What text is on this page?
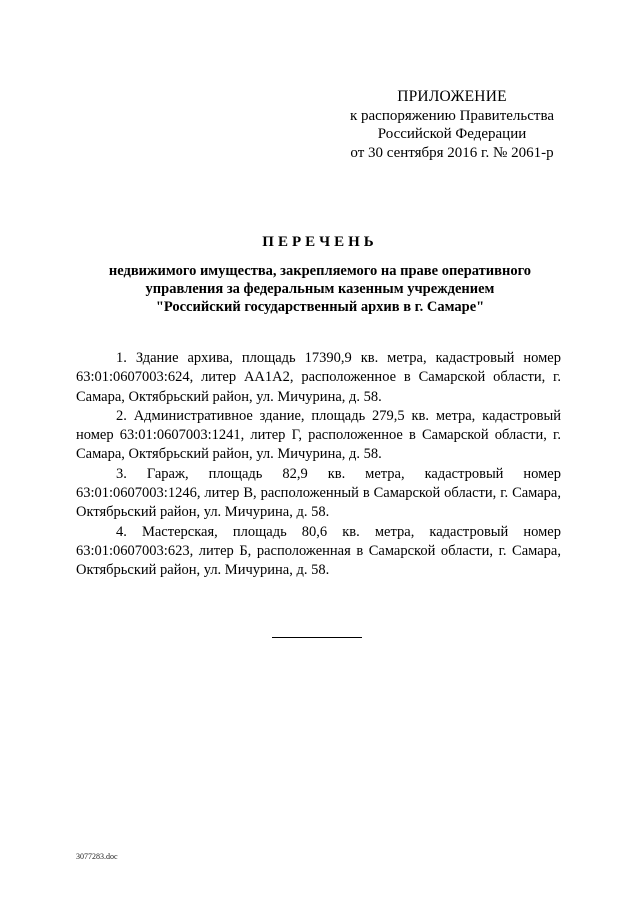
ПРИЛОЖЕНИЕ
к распоряжению Правительства
Российской Федерации
от 30 сентября 2016 г. № 2061-р
ПЕРЕЧЕНЬ
недвижимого имущества, закрепляемого на праве оперативного
управления за федеральным казенным учреждением
"Российский государственный архив в г. Самаре"

1. Здание архива, площадь 17390,9 кв. метра, кадастровый номер 63:01:0607003:624, литер АА1А2, расположенное в Самарской области, г. Самара, Октябрьский район, ул. Мичурина, д. 58.

2. Административное здание, площадь 279,5 кв. метра, кадастровый номер 63:01:0607003:1241, литер Г, расположенное в Самарской области, г. Самара, Октябрьский район, ул. Мичурина, д. 58.

3. Гараж, площадь 82,9 кв. метра, кадастровый номер 63:01:0607003:1246, литер В, расположенный в Самарской области, г. Самара, Октябрьский район, ул. Мичурина, д. 58.

4. Мастерская, площадь 80,6 кв. метра, кадастровый номер 63:01:0607003:623, литер Б, расположенная в Самарской области, г. Самара, Октябрьский район, ул. Мичурина, д. 58.

3077283.doc
